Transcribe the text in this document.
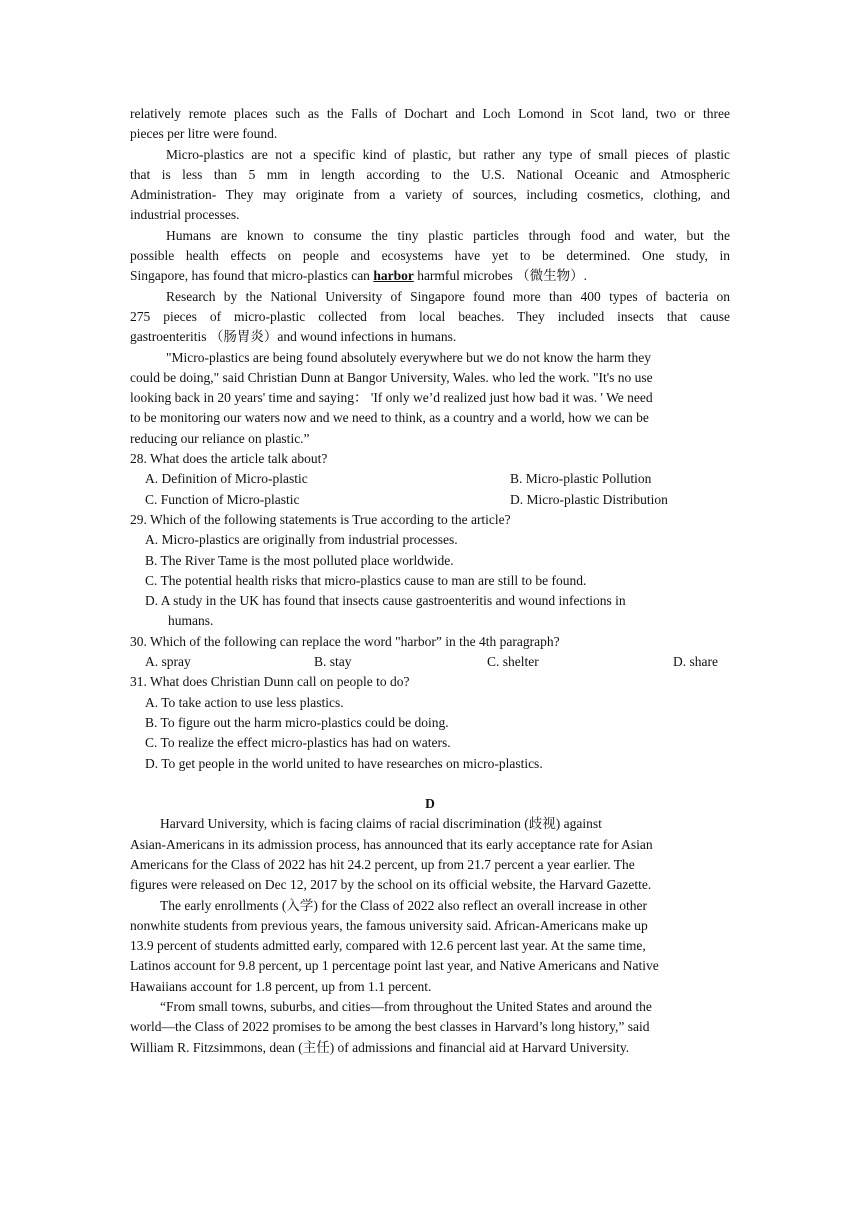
relatively remote places such as the Falls of Dochart and Loch Lomond in Scot land, two or three
pieces per litre were found.
Micro-plastics are not a specific kind of plastic, but rather any type of small pieces of plastic
that is less than 5 mm in length according to the U.S. National Oceanic and Atmospheric
Administration- They may originate from a variety of sources, including cosmetics, clothing, and
industrial processes.
Humans are known to consume the tiny plastic particles through food and water, but the
possible health effects on people and ecosystems have yet to be determined. One study, in
Singapore, has found that micro-plastics can harbor harmful microbes （微生物）.
Research by the National University of Singapore found more than 400 types of bacteria on
275 pieces of micro-plastic collected from local beaches. They included insects that cause
gastroenteritis （肠胃炎）and wound infections in humans.
"Micro-plastics are being found absolutely everywhere but we do not know the harm they
could be doing," said Christian Dunn at Bangor University, Wales. who led the work. "It's no use
looking back in 20 years' time and saying： 'If only we’d realized just how bad it was. ' We need
to be monitoring our waters now and we need to think, as a country and a world, how we can be
reducing our reliance on plastic.”
28. What does the article talk about?
A. Definition of Micro-plastic	B. Micro-plastic Pollution
C. Function of Micro-plastic	D. Micro-plastic Distribution
29. Which of the following statements is True according to the article?
A. Micro-plastics are originally from industrial processes.
B. The River Tame is the most polluted place worldwide.
C. The potential health risks that micro-plastics cause to man are still to be found.
D. A study in the UK has found that insects cause gastroenteritis and wound infections in
humans.
30. Which of the following can replace the word "harbor” in the 4th paragraph?
A. spray	B. stay	C. shelter	D. share
31. What does Christian Dunn call on people to do?
A. To take action to use less plastics.
B. To figure out the harm micro-plastics could be doing.
C. To realize the effect micro-plastics has had on waters.
D. To get people in the world united to have researches on micro-plastics.
D
Harvard University, which is facing claims of racial discrimination (歧视) against
Asian-Americans in its admission process, has announced that its early acceptance rate for Asian
Americans for the Class of 2022 has hit 24.2 percent, up from 21.7 percent a year earlier. The
figures were released on Dec 12, 2017 by the school on its official website, the Harvard Gazette.
The early enrollments (入学) for the Class of 2022 also reflect an overall increase in other
nonwhite students from previous years, the famous university said. African-Americans make up
13.9 percent of students admitted early, compared with 12.6 percent last year. At the same time,
Latinos account for 9.8 percent, up 1 percentage point last year, and Native Americans and Native
Hawaiians account for 1.8 percent, up from 1.1 percent.
“From small towns, suburbs, and cities—from throughout the United States and around the
world—the Class of 2022 promises to be among the best classes in Harvard’s long history,” said
William R. Fitzsimmons, dean (主任) of admissions and financial aid at Harvard University.
